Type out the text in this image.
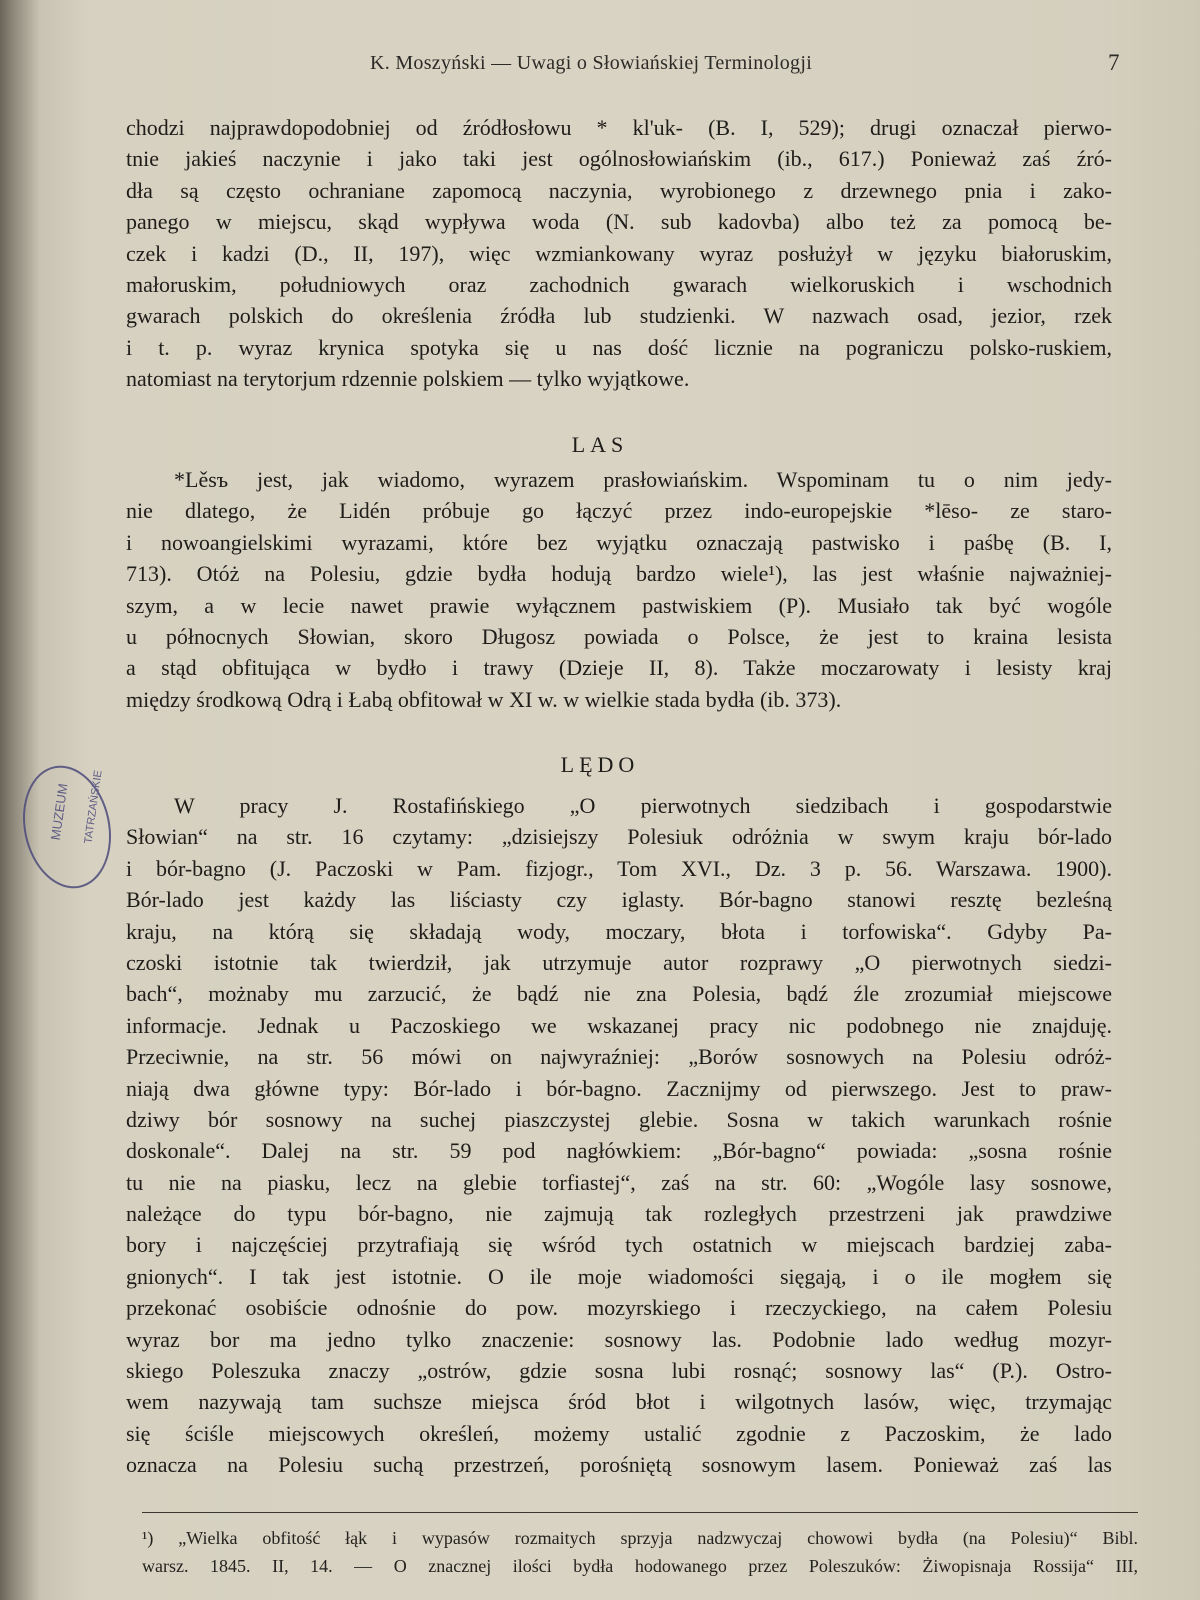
K. Moszyński — Uwagi o Słowiańskiej Terminologji	7
chodzi najprawdopodobniej od źródłosłowu * kl'uk- (B. I, 529); drugi oznaczał pierwo-
tnie jakieś naczynie i jako taki jest ogólnosłowiańskim (ib., 617.) Ponieważ zaś źró-
dła są często ochraniane zapomocą naczynia, wyrobionego z drzewnego pnia i zako-
panego w miejscu, skąd wypływa woda (N. sub kadovba) albo też za pomocą be-
czek i kadzi (D., II, 197), więc wzmiankowany wyraz posłużył w języku białoruskim,
małoruskim, południowych oraz zachodnich gwarach wielkoruskich i wschodnich
gwarach polskich do określenia źródła lub studzienki. W nazwach osad, jezior, rzek
i t. p. wyraz krynica spotyka się u nas dość licznie na pograniczu polsko-ruskiem,
natomiast na terytorjum rdzennie polskiem — tylko wyjątkowe.
LAS
*Lěsъ jest, jak wiadomo, wyrazem prasłowiańskim. Wspominam tu o nim jedy-
nie dlatego, że Lidén próbuje go łączyć przez indo-europejskie *lēso- ze staro-
i nowoangielskimi wyrazami, które bez wyjątku oznaczają pastwisko i paśbę (B. I,
713). Otóż na Polesiu, gdzie bydła hodują bardzo wiele¹), las jest właśnie najważniej-
szym, a w lecie nawet prawie wyłącznem pastwiskiem (P). Musiało tak być wogóle
u północnych Słowian, skoro Długosz powiada o Polsce, że jest to kraina lesista
a stąd obfitująca w bydło i trawy (Dzieje II, 8). Także moczarowaty i lesisty kraj
między środkową Odrą i Łabą obfitował w XI w. w wielkie stada bydła (ib. 373).
LĘDO
W pracy J. Rostafińskiego „O pierwotnych siedzibach i gospodarstwie
Słowian“ na str. 16 czytamy: „dzisiejszy Polesiuk odróżnia w swym kraju bór-lado
i bór-bagno (J. Paczoski w Pam. fizjogr., Tom XVI., Dz. 3 p. 56. Warszawa. 1900).
Bór-lado jest każdy las liściasty czy iglasty. Bór-bagno stanowi resztę bezleśną
kraju, na którą się składają wody, moczary, błota i torfowiska“. Gdyby Pa-
czoski istotnie tak twierdził, jak utrzymuje autor rozprawy „O pierwotnych siedzi-
bach“, możnaby mu zarzucić, że bądź nie zna Polesia, bądź źle zrozumiał miejscowe
informacje. Jednak u Paczoskiego we wskazanej pracy nic podobnego nie znajduję.
Przeciwnie, na str. 56 mówi on najwyraźniej: „Borów sosnowych na Polesiu odróż-
niają dwa główne typy: Bór-lado i bór-bagno. Zacznijmy od pierwszego. Jest to praw-
dziwy bór sosnowy na suchej piaszczystej glebie. Sosna w takich warunkach rośnie
doskonale“. Dalej na str. 59 pod nagłówkiem: „Bór-bagno“ powiada: „sosna rośnie
tu nie na piasku, lecz na glebie torfiastej“, zaś na str. 60: „Wogóle lasy sosnowe,
należące do typu bór-bagno, nie zajmują tak rozległych przestrzeni jak prawdziwe
bory i najczęściej przytrafiają się wśród tych ostatnich w miejscach bardziej zaba-
gnionych“. I tak jest istotnie. O ile moje wiadomości sięgają, i o ile mogłem się
przekonać osobiście odnośnie do pow. mozyrskiego i rzeczyckiego, na całem Polesiu
wyraz bor ma jedno tylko znaczenie: sosnowy las. Podobnie lado według mozyr-
skiego Poleszuka znaczy „ostrów, gdzie sosna lubi rosnąć; sosnowy las“ (P.). Ostro-
wem nazywają tam suchsze miejsca śród błot i wilgotnych lasów, więc, trzymając
się ściśle miejscowych określeń, możemy ustalić zgodnie z Paczoskim, że lado
oznacza na Polesiu suchą przestrzeń, porośniętą sosnowym lasem. Ponieważ zaś las
¹) „Wielka obfitość łąk i wypasów rozmaitych sprzyja nadzwyczaj chowowi bydła (na Polesiu)“ Bibl.
warsz. 1845. II, 14. — O znacznej ilości bydła hodowanego przez Poleszuków: Żiwopisnaja Rossija“ III,
MUZEUM TATRZAŃSKIE
